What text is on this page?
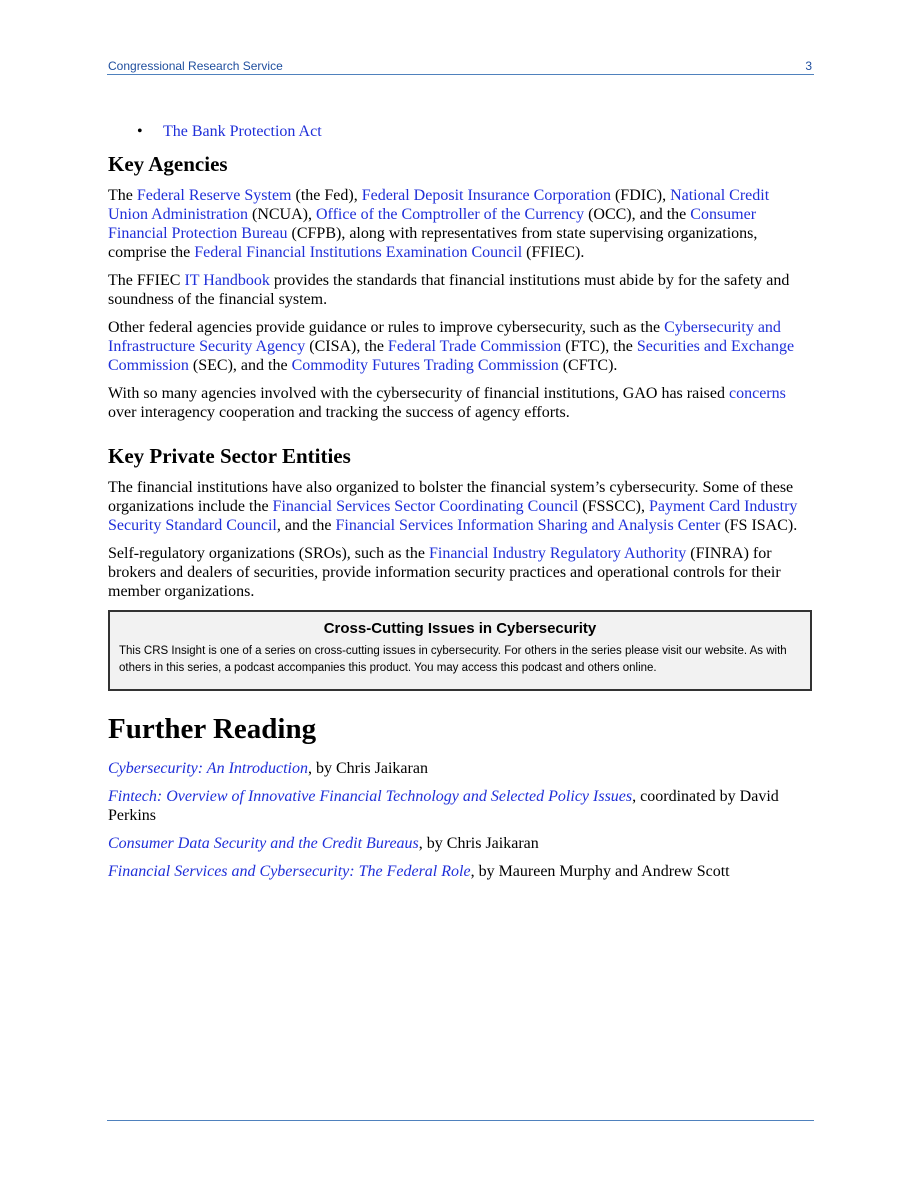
Congressional Research Service	3
• The Bank Protection Act
Key Agencies

The Federal Reserve System (the Fed), Federal Deposit Insurance Corporation (FDIC), National Credit Union Administration (NCUA), Office of the Comptroller of the Currency (OCC), and the Consumer Financial Protection Bureau (CFPB), along with representatives from state supervising organizations, comprise the Federal Financial Institutions Examination Council (FFIEC).

The FFIEC IT Handbook provides the standards that financial institutions must abide by for the safety and soundness of the financial system.

Other federal agencies provide guidance or rules to improve cybersecurity, such as the Cybersecurity and Infrastructure Security Agency (CISA), the Federal Trade Commission (FTC), the Securities and Exchange Commission (SEC), and the Commodity Futures Trading Commission (CFTC).

With so many agencies involved with the cybersecurity of financial institutions, GAO has raised concerns over interagency cooperation and tracking the success of agency efforts.

Key Private Sector Entities

The financial institutions have also organized to bolster the financial system’s cybersecurity. Some of these organizations include the Financial Services Sector Coordinating Council (FSSCC), Payment Card Industry Security Standard Council, and the Financial Services Information Sharing and Analysis Center (FS ISAC).

Self-regulatory organizations (SROs), such as the Financial Industry Regulatory Authority (FINRA) for brokers and dealers of securities, provide information security practices and operational controls for their member organizations.

Cross-Cutting Issues in Cybersecurity
This CRS Insight is one of a series on cross-cutting issues in cybersecurity. For others in the series please visit our website. As with others in this series, a podcast accompanies this product. You may access this podcast and others online.
Further Reading

Cybersecurity: An Introduction, by Chris Jaikaran

Fintech: Overview of Innovative Financial Technology and Selected Policy Issues, coordinated by David Perkins

Consumer Data Security and the Credit Bureaus, by Chris Jaikaran

Financial Services and Cybersecurity: The Federal Role, by Maureen Murphy and Andrew Scott
